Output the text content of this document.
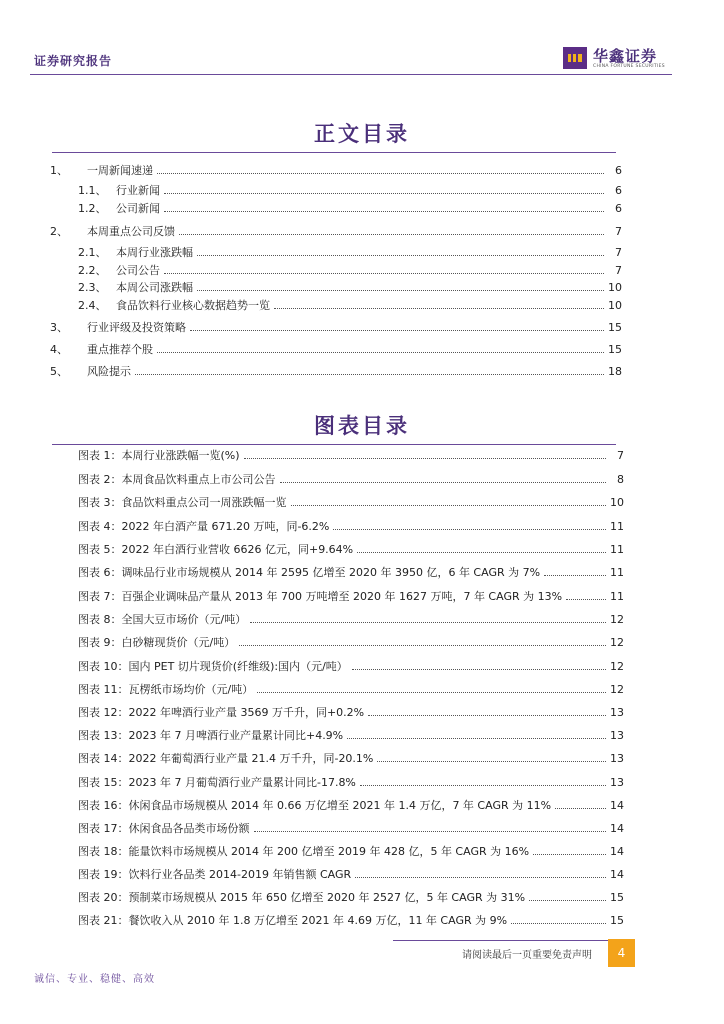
证券研究报告	华鑫证券
CHINA FORTUNE SECURITIES
正文目录
1、	一周新闻速递	6
1.1、 行业新闻	6
1.2、 公司新闻	6
2、	本周重点公司反馈	7
2.1、 本周行业涨跌幅	7
2.2、 公司公告	7
2.3、 本周公司涨跌幅	10
2.4、 食品饮料行业核心数据趋势一览	10
3、	行业评级及投资策略	15
4、	重点推荐个股	15
5、	风险提示	18
图表目录
图表 1：本周行业涨跌幅一览(%)	7
图表 2：本周食品饮料重点上市公司公告	8
图表 3：食品饮料重点公司一周涨跌幅一览	10
图表 4：2022 年白酒产量 671.20 万吨，同-6.2%	11
图表 5：2022 年白酒行业营收 6626 亿元，同+9.64%	11
图表 6：调味品行业市场规模从 2014 年 2595 亿增至 2020 年 3950 亿，6 年 CAGR 为 7%	11
图表 7：百强企业调味品产量从 2013 年 700 万吨增至 2020 年 1627 万吨，7 年 CAGR 为 13%	11
图表 8：全国大豆市场价（元/吨）	12
图表 9：白砂糖现货价（元/吨）	12
图表 10：国内 PET 切片现货价(纤维级):国内（元/吨）	12
图表 11：瓦楞纸市场均价（元/吨）	12
图表 12：2022 年啤酒行业产量 3569 万千升，同+0.2%	13
图表 13：2023 年 7 月啤酒行业产量累计同比+4.9%	13
图表 14：2022 年葡萄酒行业产量 21.4 万千升，同-20.1%	13
图表 15：2023 年 7 月葡萄酒行业产量累计同比-17.8%	13
图表 16：休闲食品市场规模从 2014 年 0.66 万亿增至 2021 年 1.4 万亿，7 年 CAGR 为 11%	14
图表 17：休闲食品各品类市场份额	14
图表 18：能量饮料市场规模从 2014 年 200 亿增至 2019 年 428 亿，5 年 CAGR 为 16%	14
图表 19：饮料行业各品类 2014-2019 年销售额 CAGR	14
图表 20：预制菜市场规模从 2015 年 650 亿增至 2020 年 2527 亿，5 年 CAGR 为 31%	15
图表 21：餐饮收入从 2010 年 1.8 万亿增至 2021 年 4.69 万亿，11 年 CAGR 为 9%	15
请阅读最后一页重要免责声明	4
诚信、专业、稳健、高效
